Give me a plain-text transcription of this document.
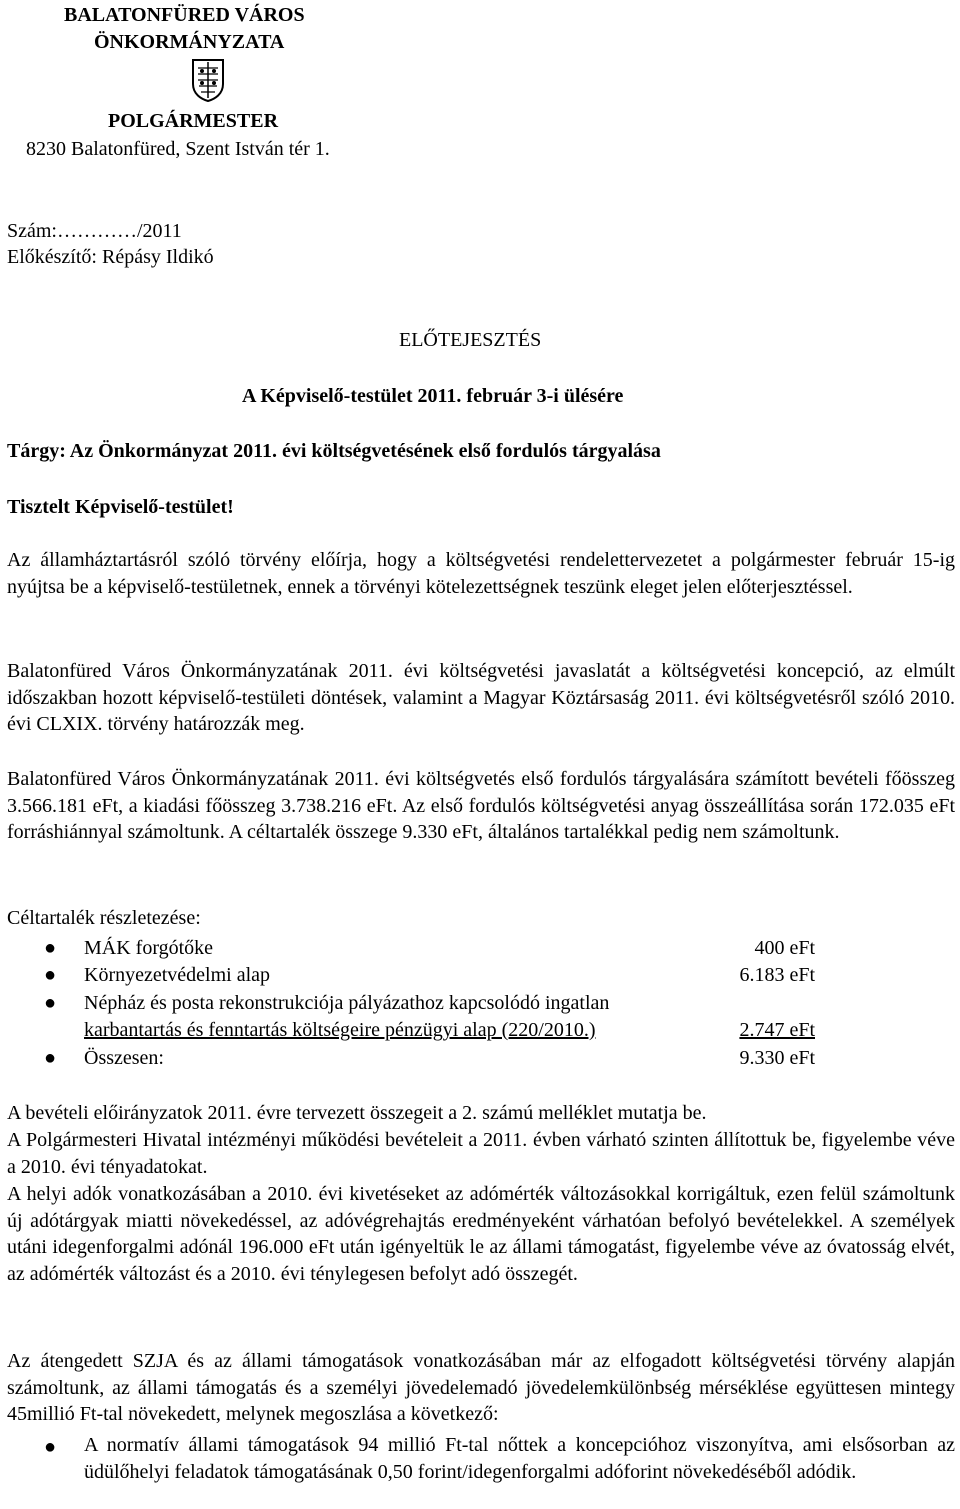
BALATONFÜRED VÁROS
ÖNKORMÁNYZATA
POLGÁRMESTER
8230 Balatonfüred, Szent István tér 1.
Szám:…………/2011
Előkészítő: Répásy Ildikó
ELŐTEJESZTÉS
A Képviselő-testület 2011. február 3-i ülésére
Tárgy: Az Önkormányzat 2011. évi költségvetésének első fordulós tárgyalása
Tisztelt Képviselő-testület!

Az államháztartásról szóló törvény előírja, hogy a költségvetési rendelettervezetet a polgármester február 15-ig nyújtsa be a képviselő-testületnek, ennek a törvényi kötelezettségnek teszünk eleget jelen előterjesztéssel.

Balatonfüred Város Önkormányzatának 2011. évi költségvetési javaslatát a költségvetési koncepció, az elmúlt időszakban hozott képviselő-testületi döntések, valamint a Magyar Köztársaság 2011. évi költségvetésről szóló 2010. évi CLXIX. törvény határozzák meg.

Balatonfüred Város Önkormányzatának 2011. évi költségvetés első fordulós tárgyalására számított bevételi főösszeg 3.566.181 eFt, a kiadási főösszeg 3.738.216 eFt. Az első fordulós költségvetési anyag összeállítása során 172.035 eFt forráshiánnyal számoltunk. A céltartalék összege 9.330 eFt, általános tartalékkal pedig nem számoltunk.

Céltartalék részletezése:
● MÁK forgótőke	400 eFt
● Környezetvédelmi alap	6.183 eFt
● Népház és posta rekonstrukciója pályázathoz kapcsolódó ingatlan
karbantartás és fenntartás költségeire pénzügyi alap (220/2010.)	2.747 eFt
● Összesen:	9.330 eFt

A bevételi előirányzatok 2011. évre tervezett összegeit a 2. számú melléklet mutatja be.

A Polgármesteri Hivatal intézményi működési bevételeit a 2011. évben várható szinten állítottuk be, figyelembe véve a 2010. évi tényadatokat.

A helyi adók vonatkozásában a 2010. évi kivetéseket az adómérték változásokkal korrigáltuk, ezen felül számoltunk új adótárgyak miatti növekedéssel, az adóvégrehajtás eredményeként várhatóan befolyó bevételekkel. A személyek utáni idegenforgalmi adónál 196.000 eFt után igényeltük le az állami támogatást, figyelembe véve az óvatosság elvét, az adómérték változást és a 2010. évi ténylegesen befolyt adó összegét.

Az átengedett SZJA és az állami támogatások vonatkozásában már az elfogadott költségvetési törvény alapján számoltunk, az állami támogatás és a személyi jövedelemadó jövedelemkülönbség mérséklése együttesen mintegy 45millió Ft-tal növekedett, melynek megoszlása a következő:

● A normatív állami támogatások 94 millió Ft-tal nőttek a koncepcióhoz viszonyítva, ami elsősorban az üdülőhelyi feladatok támogatásának 0,50 forint/idegenforgalmi adóforint növekedéséből adódik.
